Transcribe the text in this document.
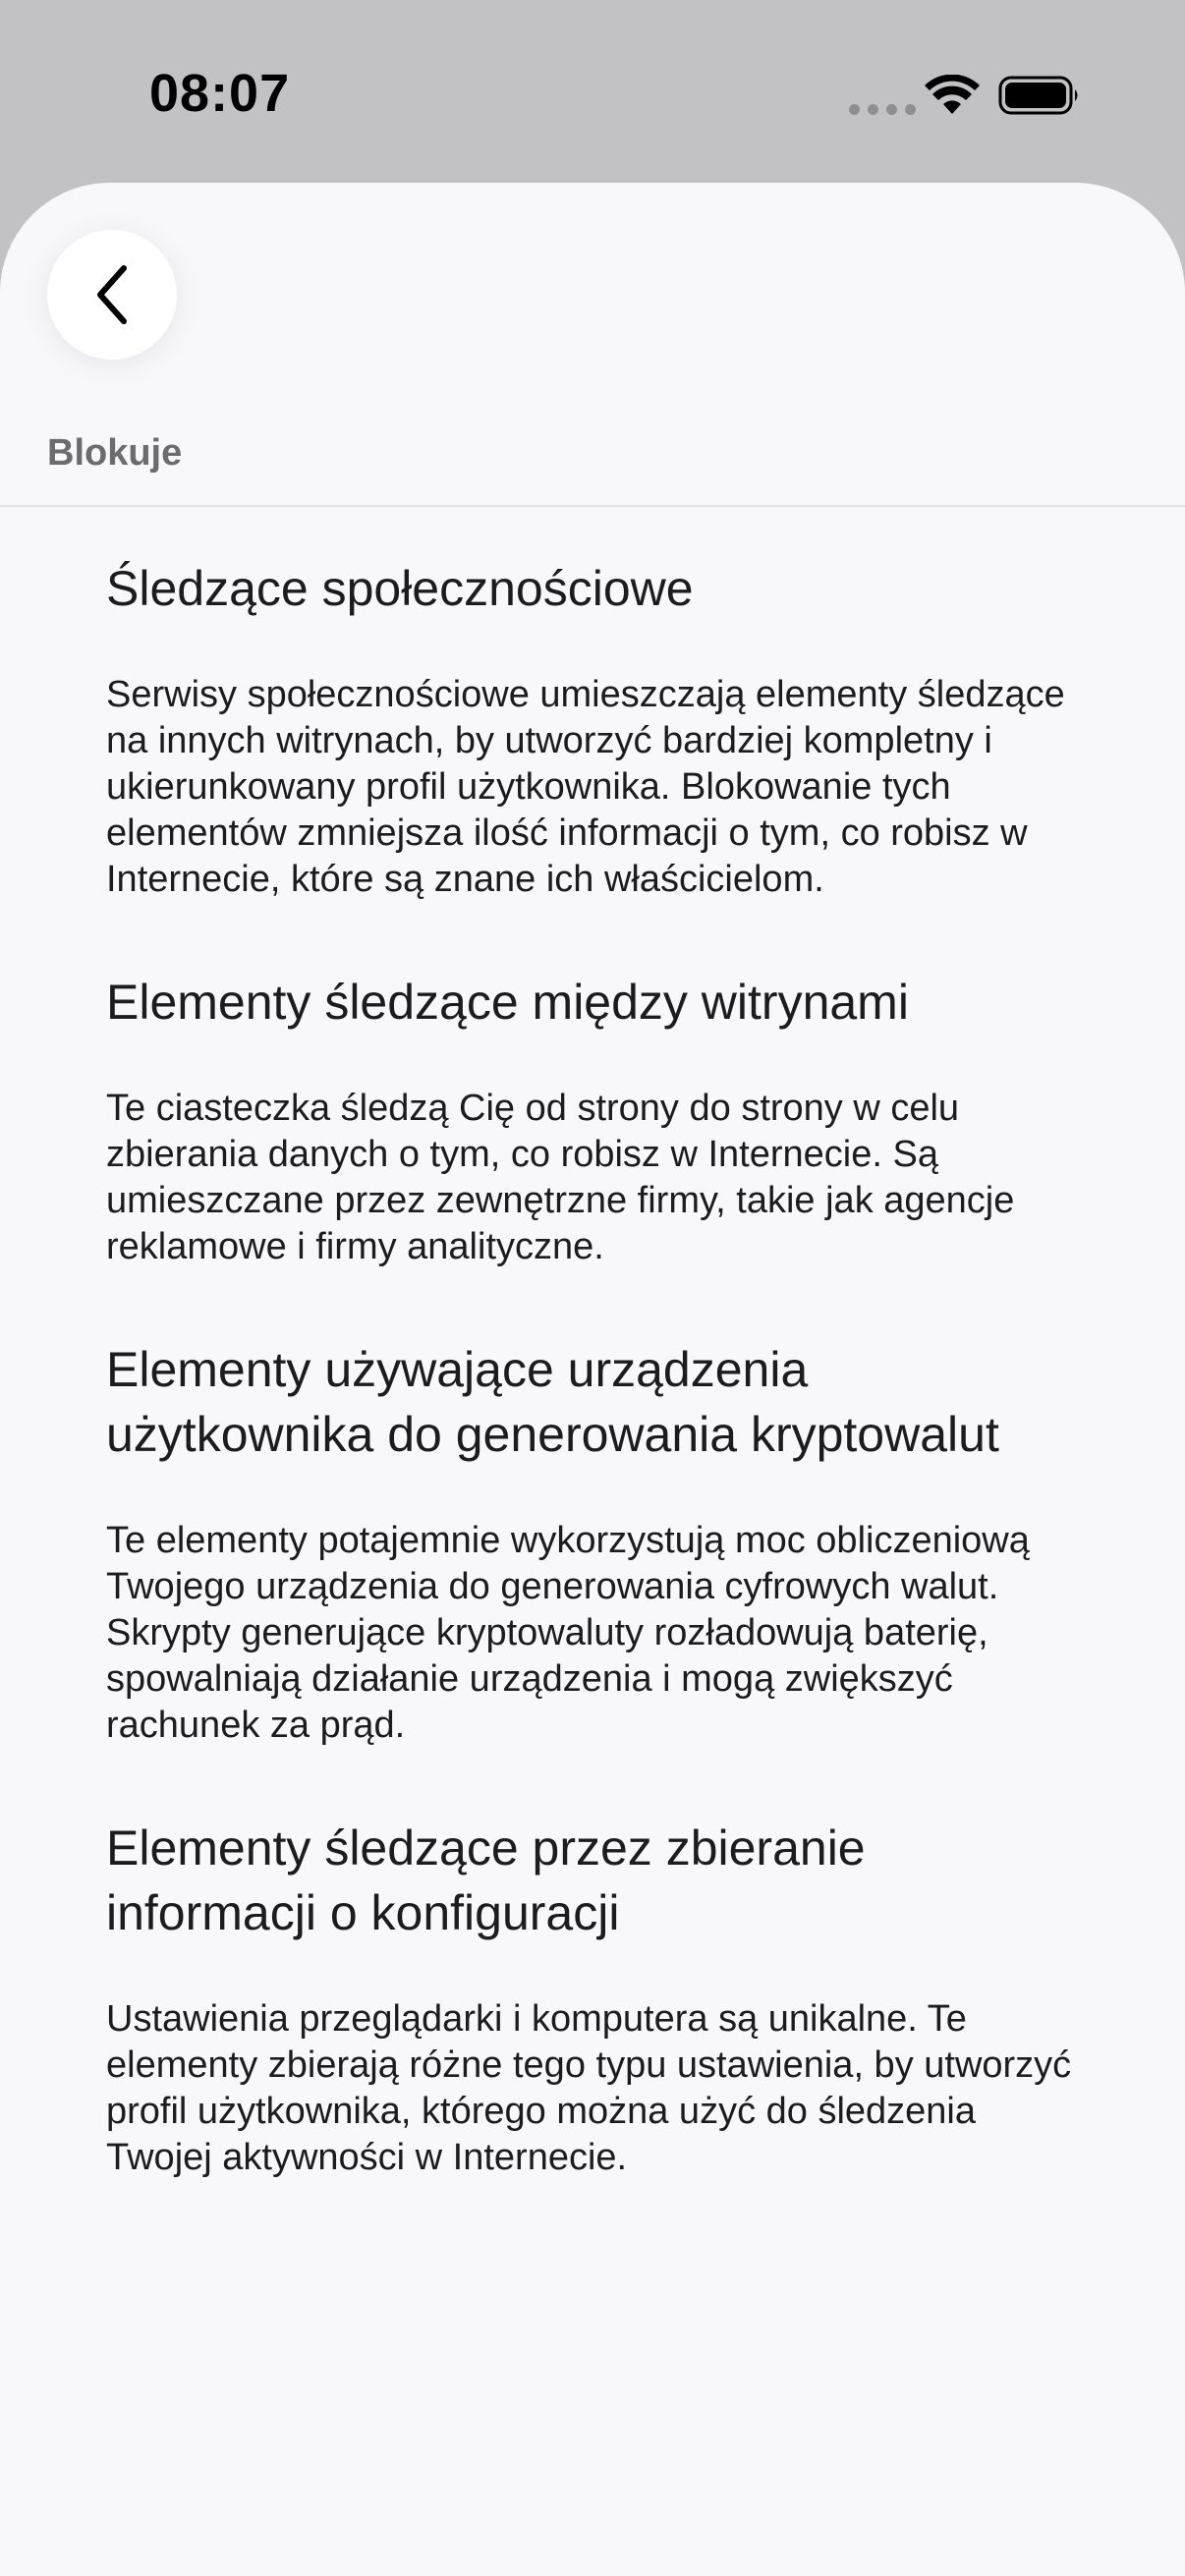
08:07
Blokuje
Śledzące społecznościowe

Serwisy społecznościowe umieszczają elementy śledzące na innych witrynach, by utworzyć bardziej kompletny i ukierunkowany profil użytkownika. Blokowanie tych elementów zmniejsza ilość informacji o tym, co robisz w Internecie, które są znane ich właścicielom.

Elementy śledzące między witrynami

Te ciasteczka śledzą Cię od strony do strony w celu zbierania danych o tym, co robisz w Internecie. Są umieszczane przez zewnętrzne firmy, takie jak agencje reklamowe i firmy analityczne.

Elementy używające urządzenia użytkownika do generowania kryptowalut

Te elementy potajemnie wykorzystują moc obliczeniową Twojego urządzenia do generowania cyfrowych walut. Skrypty generujące kryptowaluty rozładowują baterię, spowalniają działanie urządzenia i mogą zwiększyć rachunek za prąd.

Elementy śledzące przez zbieranie informacji o konfiguracji

Ustawienia przeglądarki i komputera są unikalne. Te elementy zbierają różne tego typu ustawienia, by utworzyć profil użytkownika, którego można użyć do śledzenia Twojej aktywności w Internecie.
